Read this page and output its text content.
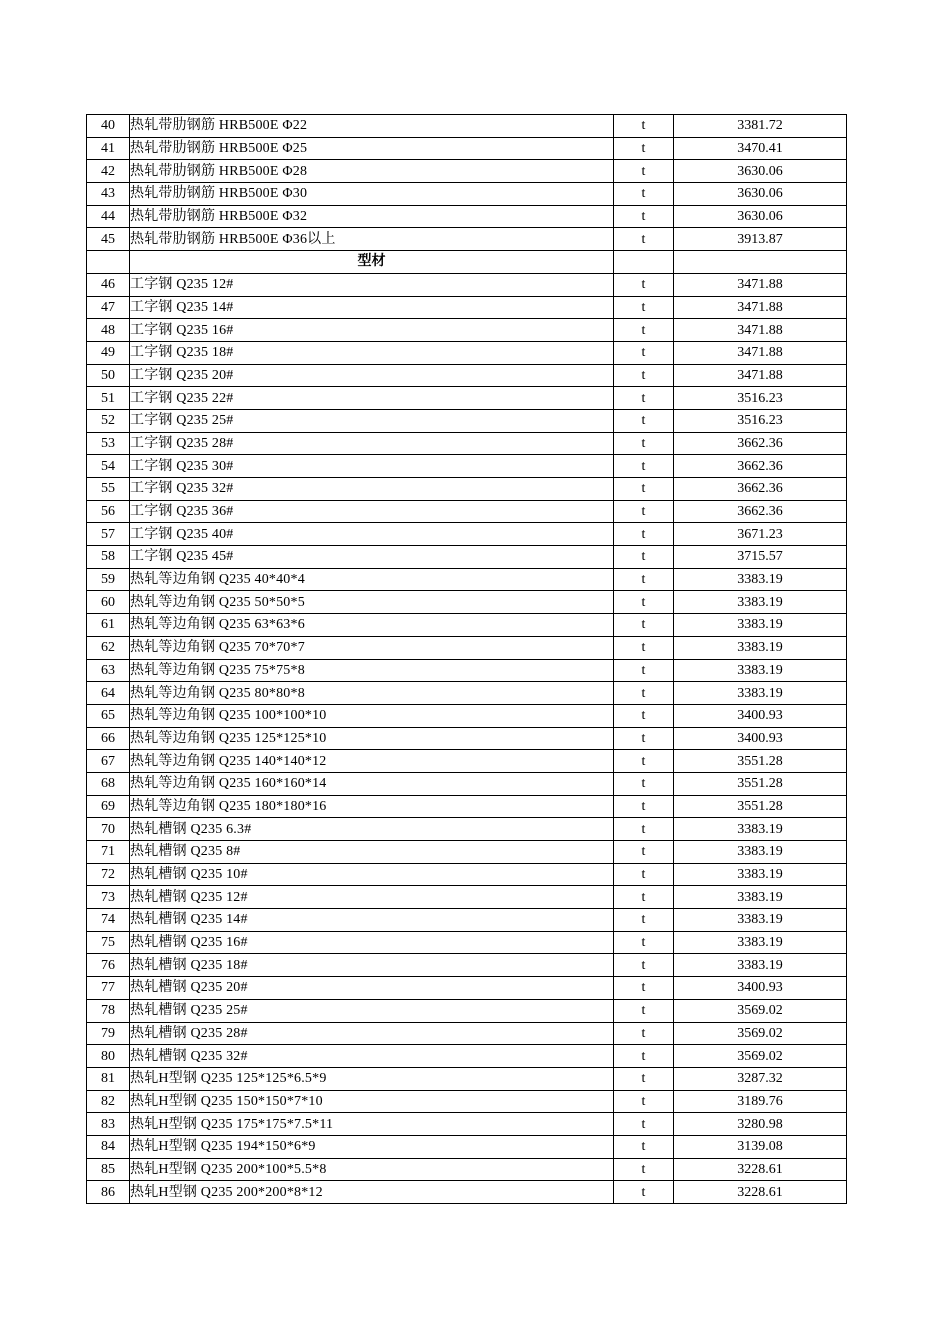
40	热轧带肋钢筋 HRB500E Φ22	t	3381.72
41	热轧带肋钢筋 HRB500E Φ25	t	3470.41
42	热轧带肋钢筋 HRB500E Φ28	t	3630.06
43	热轧带肋钢筋 HRB500E Φ30	t	3630.06
44	热轧带肋钢筋 HRB500E Φ32	t	3630.06
45	热轧带肋钢筋 HRB500E Φ36以上	t	3913.87
	型材		
46	工字钢 Q235 12#	t	3471.88
47	工字钢 Q235 14#	t	3471.88
48	工字钢 Q235 16#	t	3471.88
49	工字钢 Q235 18#	t	3471.88
50	工字钢 Q235 20#	t	3471.88
51	工字钢 Q235 22#	t	3516.23
52	工字钢 Q235 25#	t	3516.23
53	工字钢 Q235 28#	t	3662.36
54	工字钢 Q235 30#	t	3662.36
55	工字钢 Q235 32#	t	3662.36
56	工字钢 Q235 36#	t	3662.36
57	工字钢 Q235 40#	t	3671.23
58	工字钢 Q235 45#	t	3715.57
59	热轧等边角钢 Q235 40*40*4	t	3383.19
60	热轧等边角钢 Q235 50*50*5	t	3383.19
61	热轧等边角钢 Q235 63*63*6	t	3383.19
62	热轧等边角钢 Q235 70*70*7	t	3383.19
63	热轧等边角钢 Q235 75*75*8	t	3383.19
64	热轧等边角钢 Q235 80*80*8	t	3383.19
65	热轧等边角钢 Q235 100*100*10	t	3400.93
66	热轧等边角钢 Q235 125*125*10	t	3400.93
67	热轧等边角钢 Q235 140*140*12	t	3551.28
68	热轧等边角钢 Q235 160*160*14	t	3551.28
69	热轧等边角钢 Q235 180*180*16	t	3551.28
70	热轧槽钢 Q235 6.3#	t	3383.19
71	热轧槽钢 Q235 8#	t	3383.19
72	热轧槽钢 Q235 10#	t	3383.19
73	热轧槽钢 Q235 12#	t	3383.19
74	热轧槽钢 Q235 14#	t	3383.19
75	热轧槽钢 Q235 16#	t	3383.19
76	热轧槽钢 Q235 18#	t	3383.19
77	热轧槽钢 Q235 20#	t	3400.93
78	热轧槽钢 Q235 25#	t	3569.02
79	热轧槽钢 Q235 28#	t	3569.02
80	热轧槽钢 Q235 32#	t	3569.02
81	热轧H型钢 Q235 125*125*6.5*9	t	3287.32
82	热轧H型钢 Q235 150*150*7*10	t	3189.76
83	热轧H型钢 Q235 175*175*7.5*11	t	3280.98
84	热轧H型钢 Q235 194*150*6*9	t	3139.08
85	热轧H型钢 Q235 200*100*5.5*8	t	3228.61
86	热轧H型钢 Q235 200*200*8*12	t	3228.61
